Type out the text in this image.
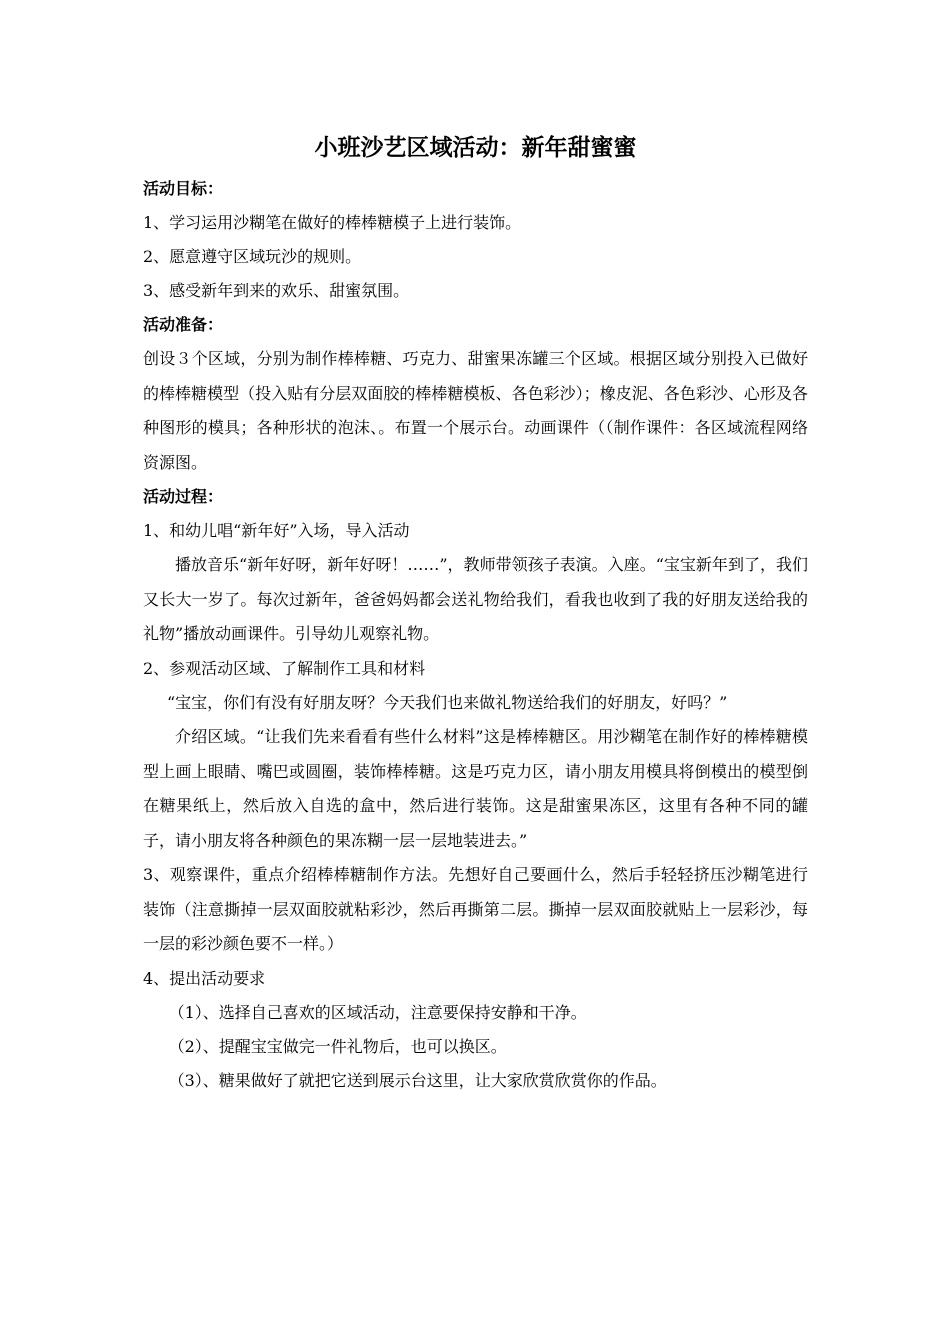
小班沙艺区域活动：新年甜蜜蜜

活动目标：

1、学习运用沙糊笔在做好的棒棒糖模子上进行装饰。

2、愿意遵守区域玩沙的规则。

3、感受新年到来的欢乐、甜蜜氛围。

活动准备：

创设３个区域，分别为制作棒棒糖、巧克力、甜蜜果冻罐三个区域。根据区域分别投入已做好的棒棒糖模型（投入贴有分层双面胶的棒棒糖模板、各色彩沙）；橡皮泥、各色彩沙、心形及各种图形的模具；各种形状的泡沫、。布置一个展示台。动画课件（（制作课件：各区域流程网络资源图。

活动过程：

1、和幼儿唱“新年好”入场，导入活动

播放音乐“新年好呀，新年好呀！……”，教师带领孩子表演。入座。“宝宝新年到了，我们又长大一岁了。每次过新年，爸爸妈妈都会送礼物给我们，看我也收到了我的好朋友送给我的礼物”播放动画课件。引导幼儿观察礼物。

2、参观活动区域、了解制作工具和材料

“宝宝，你们有没有好朋友呀？今天我们也来做礼物送给我们的好朋友，好吗？”

介绍区域。“让我们先来看看有些什么材料”这是棒棒糖区。用沙糊笔在制作好的棒棒糖模型上画上眼睛、嘴巴或圆圈，装饰棒棒糖。这是巧克力区，请小朋友用模具将倒模出的模型倒在糖果纸上，然后放入自选的盒中，然后进行装饰。这是甜蜜果冻区，这里有各种不同的罐子，请小朋友将各种颜色的果冻糊一层一层地装进去。”

3、观察课件，重点介绍棒棒糖制作方法。先想好自己要画什么，然后手轻轻挤压沙糊笔进行装饰（注意撕掉一层双面胶就粘彩沙，然后再撕第二层。撕掉一层双面胶就贴上一层彩沙，每一层的彩沙颜色要不一样。）

4、提出活动要求

（1）、选择自己喜欢的区域活动，注意要保持安静和干净。

（2）、提醒宝宝做完一件礼物后，也可以换区。

（3）、糖果做好了就把它送到展示台这里，让大家欣赏欣赏你的作品。
